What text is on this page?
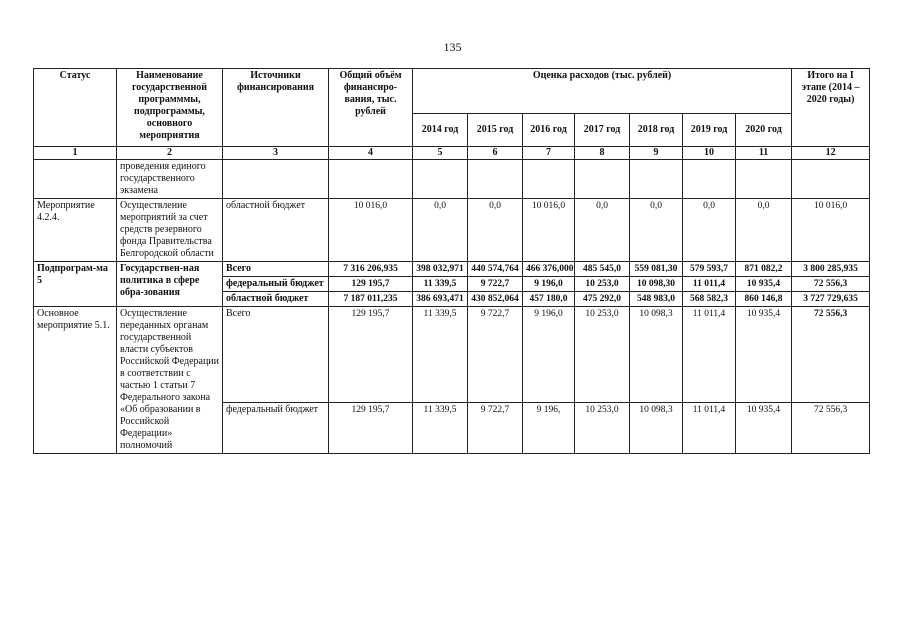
135
Статус	Наименование государственной программмы, подпрограммы, основного мероприятия	Источники финансирования	Общий объём финансиро-вания, тыс. рублей	Оценка расходов (тыс. рублей)							Итого на I этапе (2014 – 2020 годы)
				2014 год	2015 год	2016 год	2017 год	2018 год	2019 год	2020 год	
1	2	3	4	5	6	7	8	9	10	11	12
	проведения единого государственного экзамена										
Мероприятие 4.2.4.	Осуществление мероприятий за счет средств резервного фонда Правительства Белгородской области	областной бюджет	10 016,0	0,0	0,0	10 016,0	0,0	0,0	0,0	0,0	10 016,0
Подпрограм-ма 5	Государствен-ная политика в сфере обра-зования	Всего	7 316 206,935	398 032,971	440 574,764	466 376,000	485 545,0	559 081,30	579 593,7	871 082,2	3 800 285,935
		федеральный бюджет	129 195,7	11 339,5	9 722,7	9 196,0	10 253,0	10 098,30	11 011,4	10 935,4	72 556,3
		областной бюджет	7 187 011,235	386 693,471	430 852,064	457 180,0	475 292,0	548 983,0	568 582,3	860 146,8	3 727 729,635
Основное мероприятие 5.1.	Осуществление переданных органам государственной власти субъектов Российской Федерации в соответствии с частью 1 статьи 7 Федерального закона «Об образовании в Российской Федерации» полномочий	Всего	129 195,7	11 339,5	9 722,7	9 196,0	10 253,0	10 098,3	11 011,4	10 935,4	72 556,3
		федеральный бюджет	129 195,7	11 339,5	9 722,7	9 196,	10 253,0	10 098,3	11 011,4	10 935,4	72 556,3
